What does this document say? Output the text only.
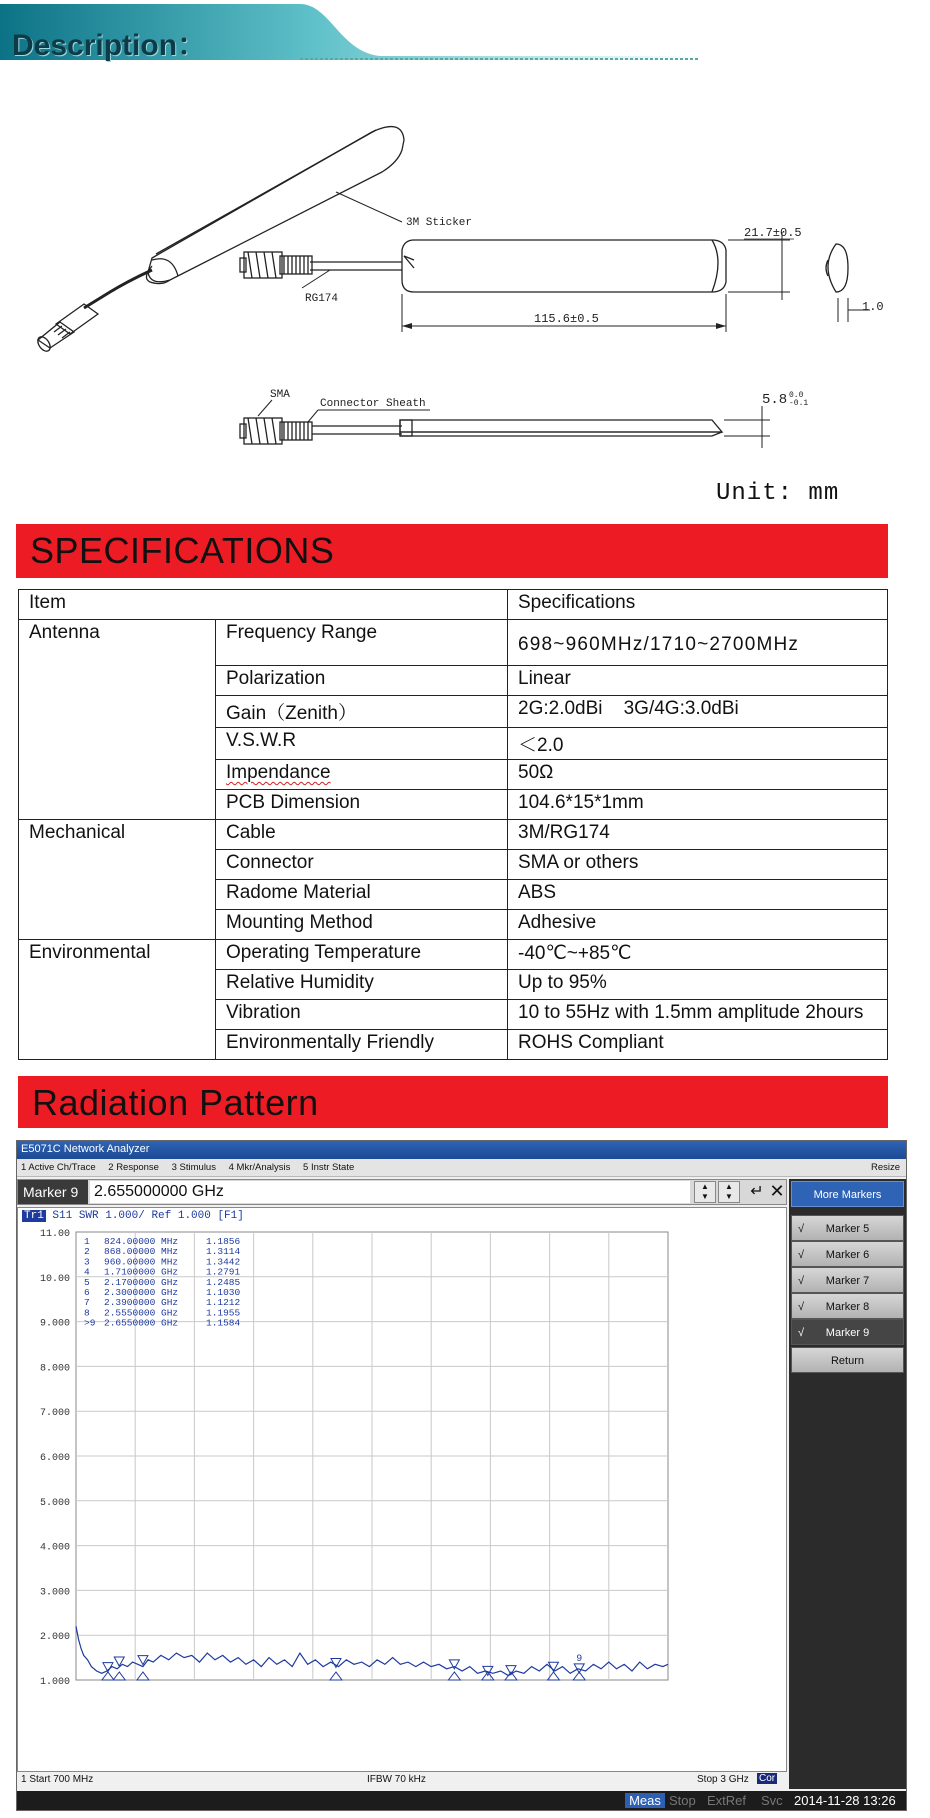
Description：
3M Sticker
RG174
21.7±0.5
115.6±0.5
1.0
SMA
Connector Sheath	5.8 0.0
-0.1
Unit: mm
SPECIFICATIONS
Item		Specifications
Antenna	Frequency Range	698~960MHz/1710~2700MHz
	Polarization	Linear
	Gain（Zenith）	2G:2.0dBi    3G/4G:3.0dBi
	V.S.W.R	＜2.0
	Impendance	50Ω
	PCB Dimension	104.6*15*1mm
Mechanical	Cable	3M/RG174
	Connector	SMA or others
	Radome Material	ABS
	Mounting Method	Adhesive
Environmental	Operating Temperature	-40℃~+85℃
	Relative Humidity	Up to 95%
	Vibration	10 to 55Hz with 1.5mm amplitude 2hours
	Environmentally Friendly	ROHS Compliant
Radiation Pattern
E5071C Network Analyzer
1 Active Ch/Trace 2 Response 3 Stimulus 4 Mkr/Analysis 5 Instr State	Resize
Marker 9 2.655000000 GHz	▲
▼
▲
▼	↵ ✕
11.00
10.00
9.000
8.000
7.000
6.000
5.000
4.000
3.000
2.000
1.000
1 824.00000 MHz	1.1856
2 868.00000 MHz	1.3114
3 960.00000 MHz	1.3442
4 1.7100000 GHz	1.2791
5 2.1700000 GHz	1.2485
6 2.3000000 GHz	1.1030
7 2.3900000 GHz	1.1212
8 2.5550000 GHz	1.1955
>9 2.6550000 GHz	1.1584
9
Tr1 S11 SWR 1.000/ Ref 1.000 [F1]
1 Start 700 MHz	IFBW 70 kHz	Stop 3 GHz Cor
More Markers
√	Marker 5
√	Marker 6
√	Marker 7
√	Marker 8
√	Marker 9
Return
Meas Stop ExtRef Svc 2014-11-28 13:26
